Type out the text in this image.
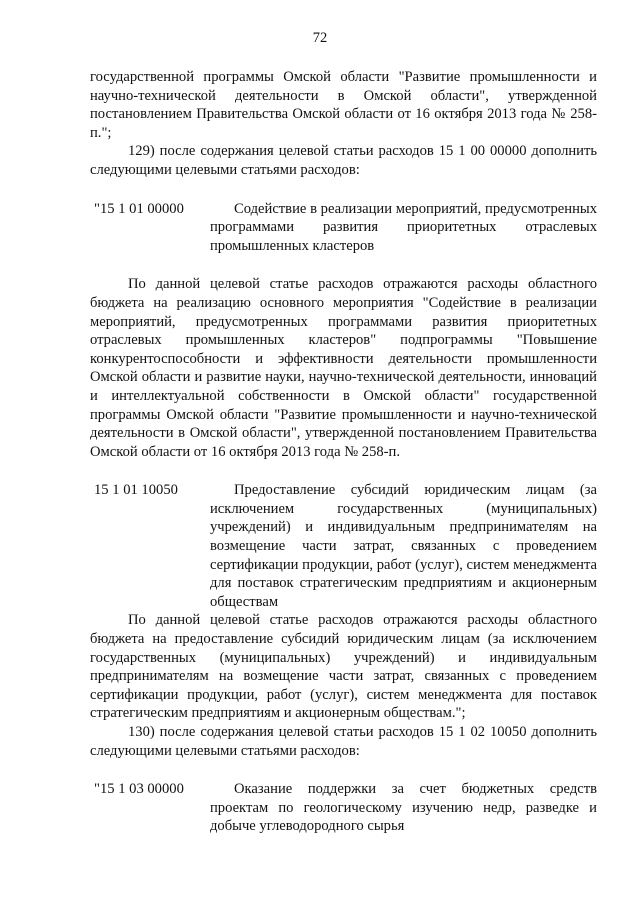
72

государственной программы Омской области "Развитие промышленности и научно-технической деятельности в Омской области", утвержденной постановлением Правительства Омской области от 16 октября 2013 года № 258-п.";

129) после содержания целевой статьи расходов 15 1 00 00000 дополнить следующими целевыми статьями расходов:

"15 1 01 00000	Содействие в реализации мероприятий, предусмотренных программами развития приоритетных отраслевых промышленных кластеров

По данной целевой статье расходов отражаются расходы областного бюджета на реализацию основного мероприятия "Содействие в реализации мероприятий, предусмотренных программами развития приоритетных отраслевых промышленных кластеров" подпрограммы "Повышение конкурентоспособности и эффективности деятельности промышленности Омской области и развитие науки, научно-технической деятельности, инноваций и интеллектуальной собственности в Омской области" государственной программы Омской области "Развитие промышленности и научно-технической деятельности в Омской области", утвержденной постановлением Правительства Омской области от 16 октября 2013 года № 258-п.

15 1 01 10050	Предоставление субсидий юридическим лицам (за исключением государственных (муниципальных) учреждений) и индивидуальным предпринимателям на возмещение части затрат, связанных с проведением сертификации продукции, работ (услуг), систем менеджмента для поставок стратегическим предприятиям и акционерным обществам

По данной целевой статье расходов отражаются расходы областного бюджета на предоставление субсидий юридическим лицам (за исключением государственных (муниципальных) учреждений) и индивидуальным предпринимателям на возмещение части затрат, связанных с проведением сертификации продукции, работ (услуг), систем менеджмента для поставок стратегическим предприятиям и акционерным обществам.";

130) после содержания целевой статьи расходов 15 1 02 10050 дополнить следующими целевыми статьями расходов:

"15 1 03 00000	Оказание поддержки за счет бюджетных средств проектам по геологическому изучению недр, разведке и добыче углеводородного сырья
